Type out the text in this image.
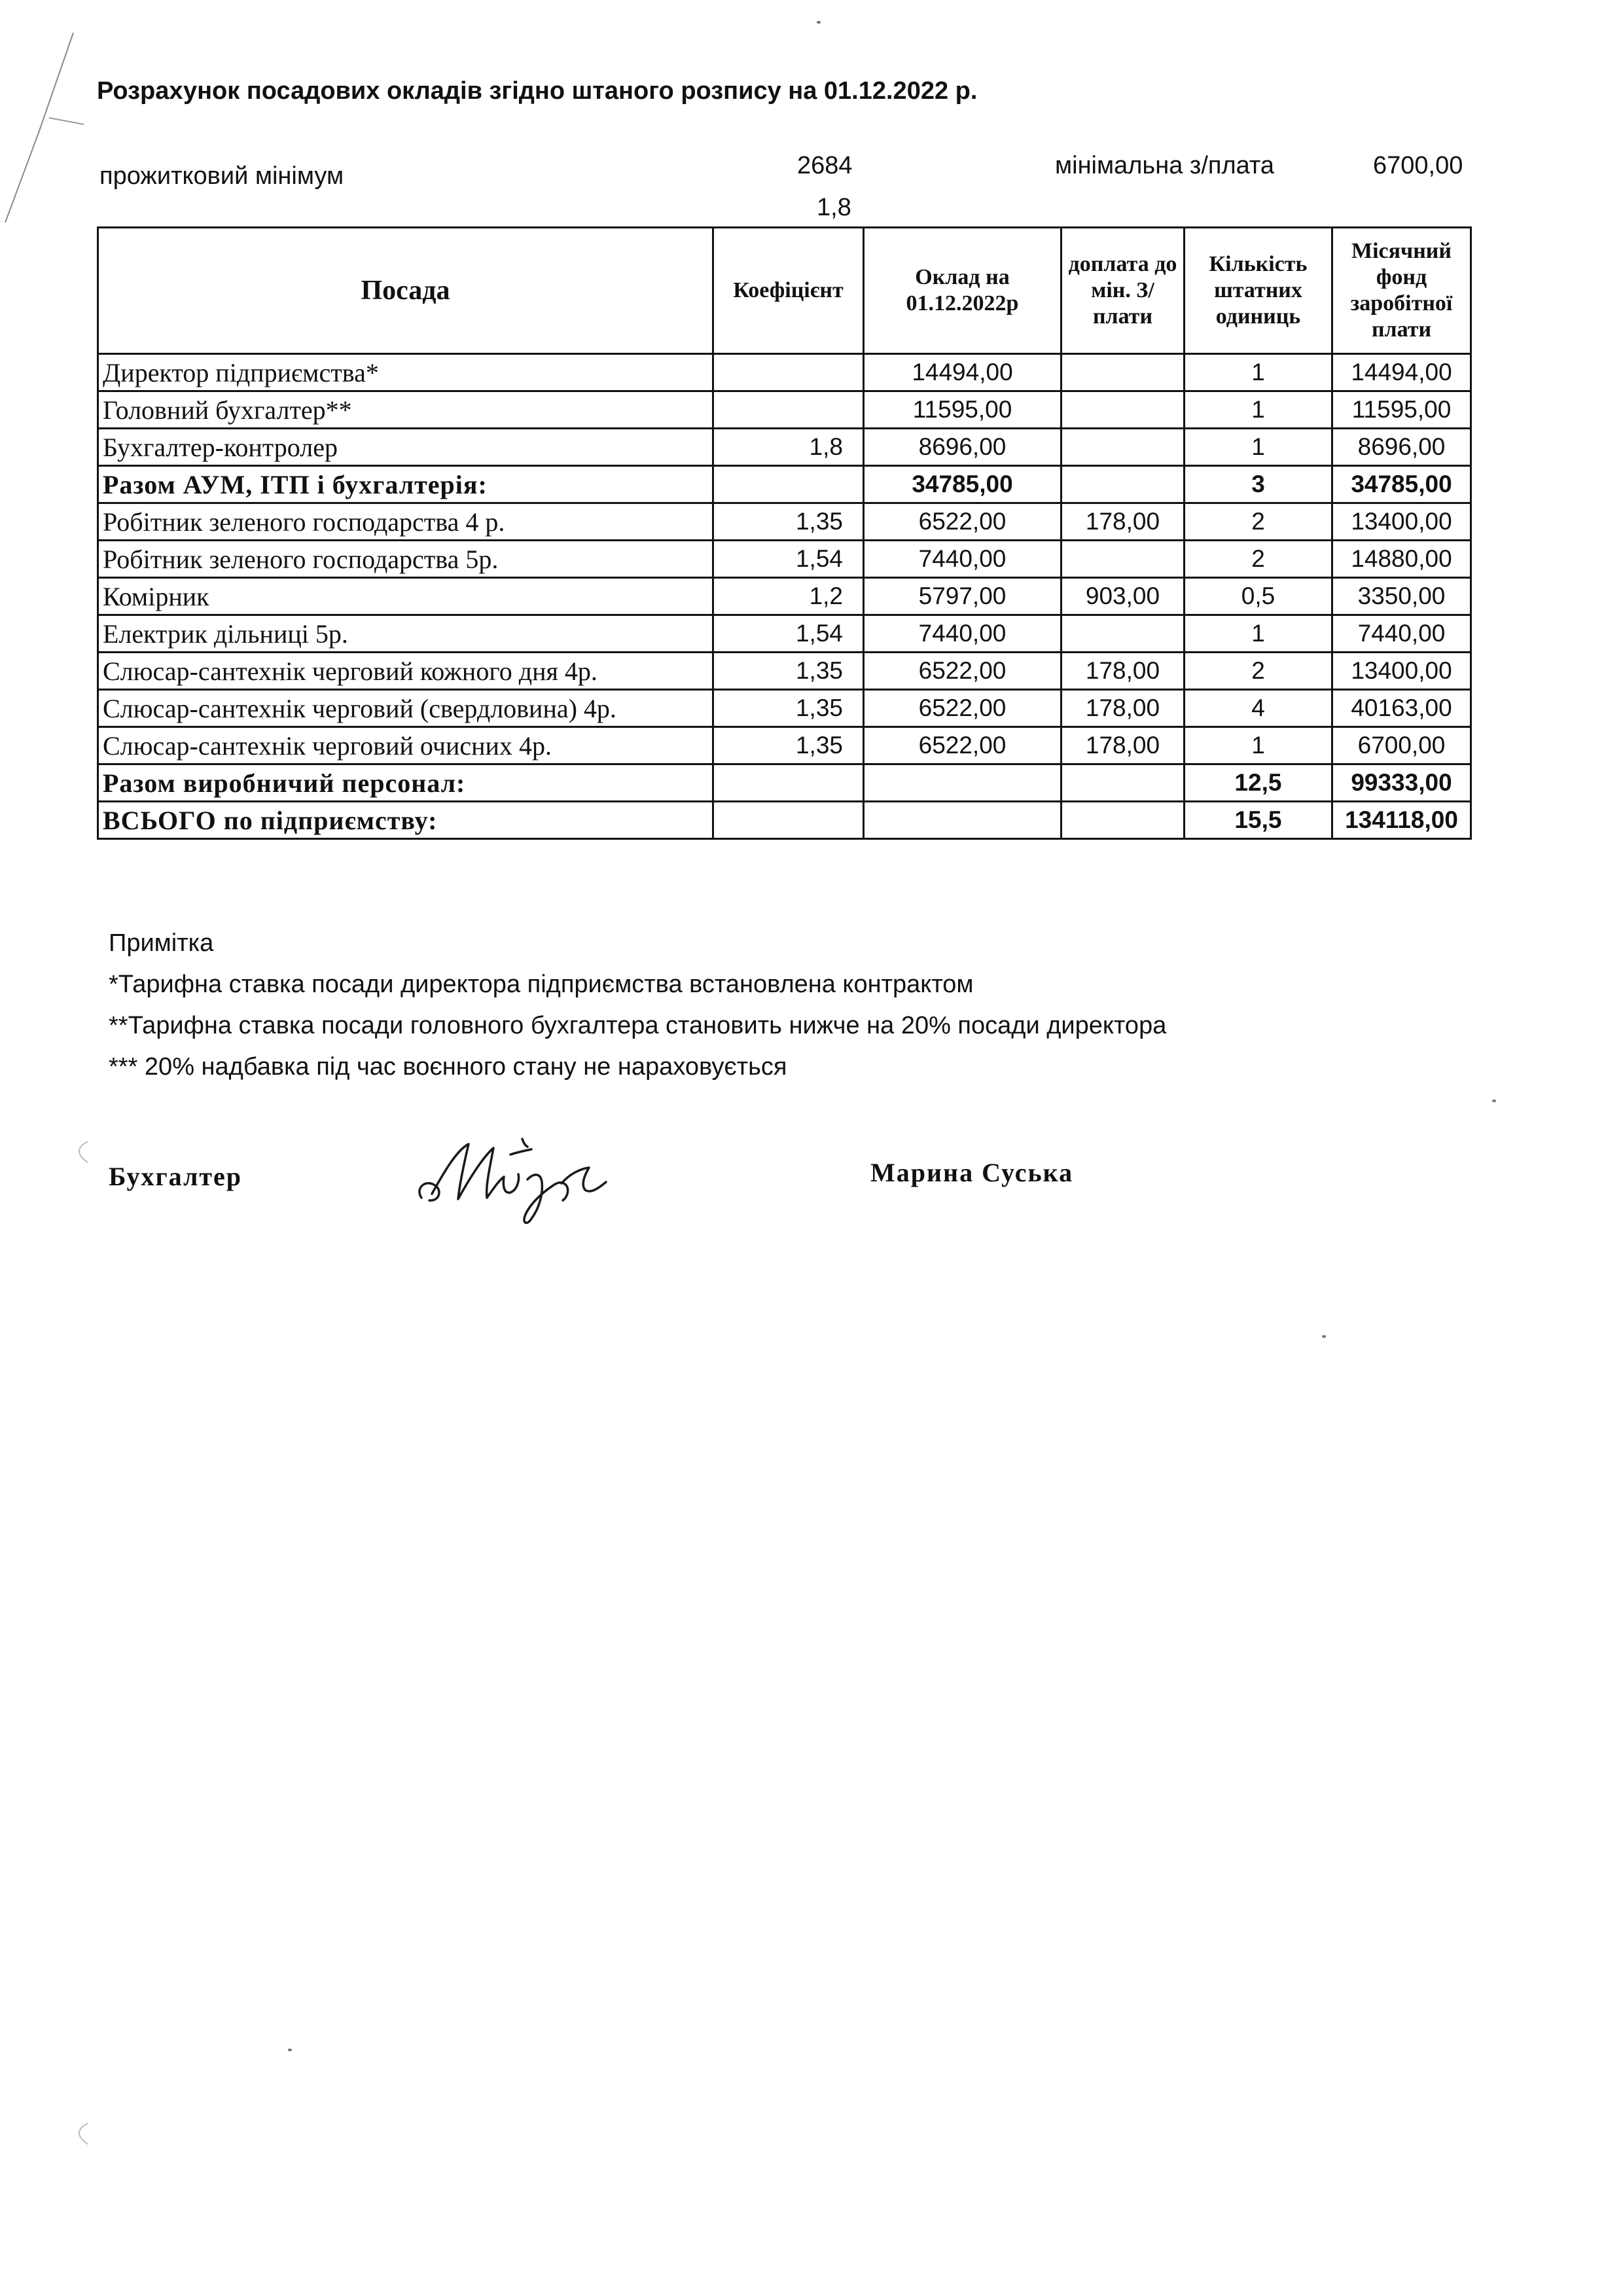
Розрахунок посадових окладів згідно штаного розпису на 01.12.2022 р.
прожитковий мінімум	2684
1,8
мінімальна з/плата	6700,00
Посада	Коефіцієнт	Оклад на 01.12.2022р	доплата до мін. З/плати	Кількість штатних одиниць	Місячний фонд заробітної плати
Директор підприємства*		14494,00		1	14494,00
Головний бухгалтер**		11595,00		1	11595,00
Бухгалтер-контролер	1,8	8696,00		1	8696,00
Разом АУМ, ІТП і бухгалтерія:		34785,00		3	34785,00
Робітник зеленого господарства 4 р.	1,35	6522,00	178,00	2	13400,00
Робітник зеленого господарства 5р.	1,54	7440,00		2	14880,00
Комірник	1,2	5797,00	903,00	0,5	3350,00
Електрик дільниці 5р.	1,54	7440,00		1	7440,00
Слюсар-сантехнік черговий кожного дня 4р.	1,35	6522,00	178,00	2	13400,00
Слюсар-сантехнік черговий (свердловина) 4р.	1,35	6522,00	178,00	4	40163,00
Слюсар-сантехнік черговий очисних 4р.	1,35	6522,00	178,00	1	6700,00
Разом виробничий персонал:				12,5	99333,00
ВСЬОГО по підприємству:				15,5	134118,00
Примітка
*Тарифна ставка посади директора підприємства встановлена контрактом
**Тарифна ставка посади головного бухгалтера становить нижче на 20% посади директора
*** 20% надбавка під час воєнного стану не нараховується
Бухгалтер	Марина Суська
